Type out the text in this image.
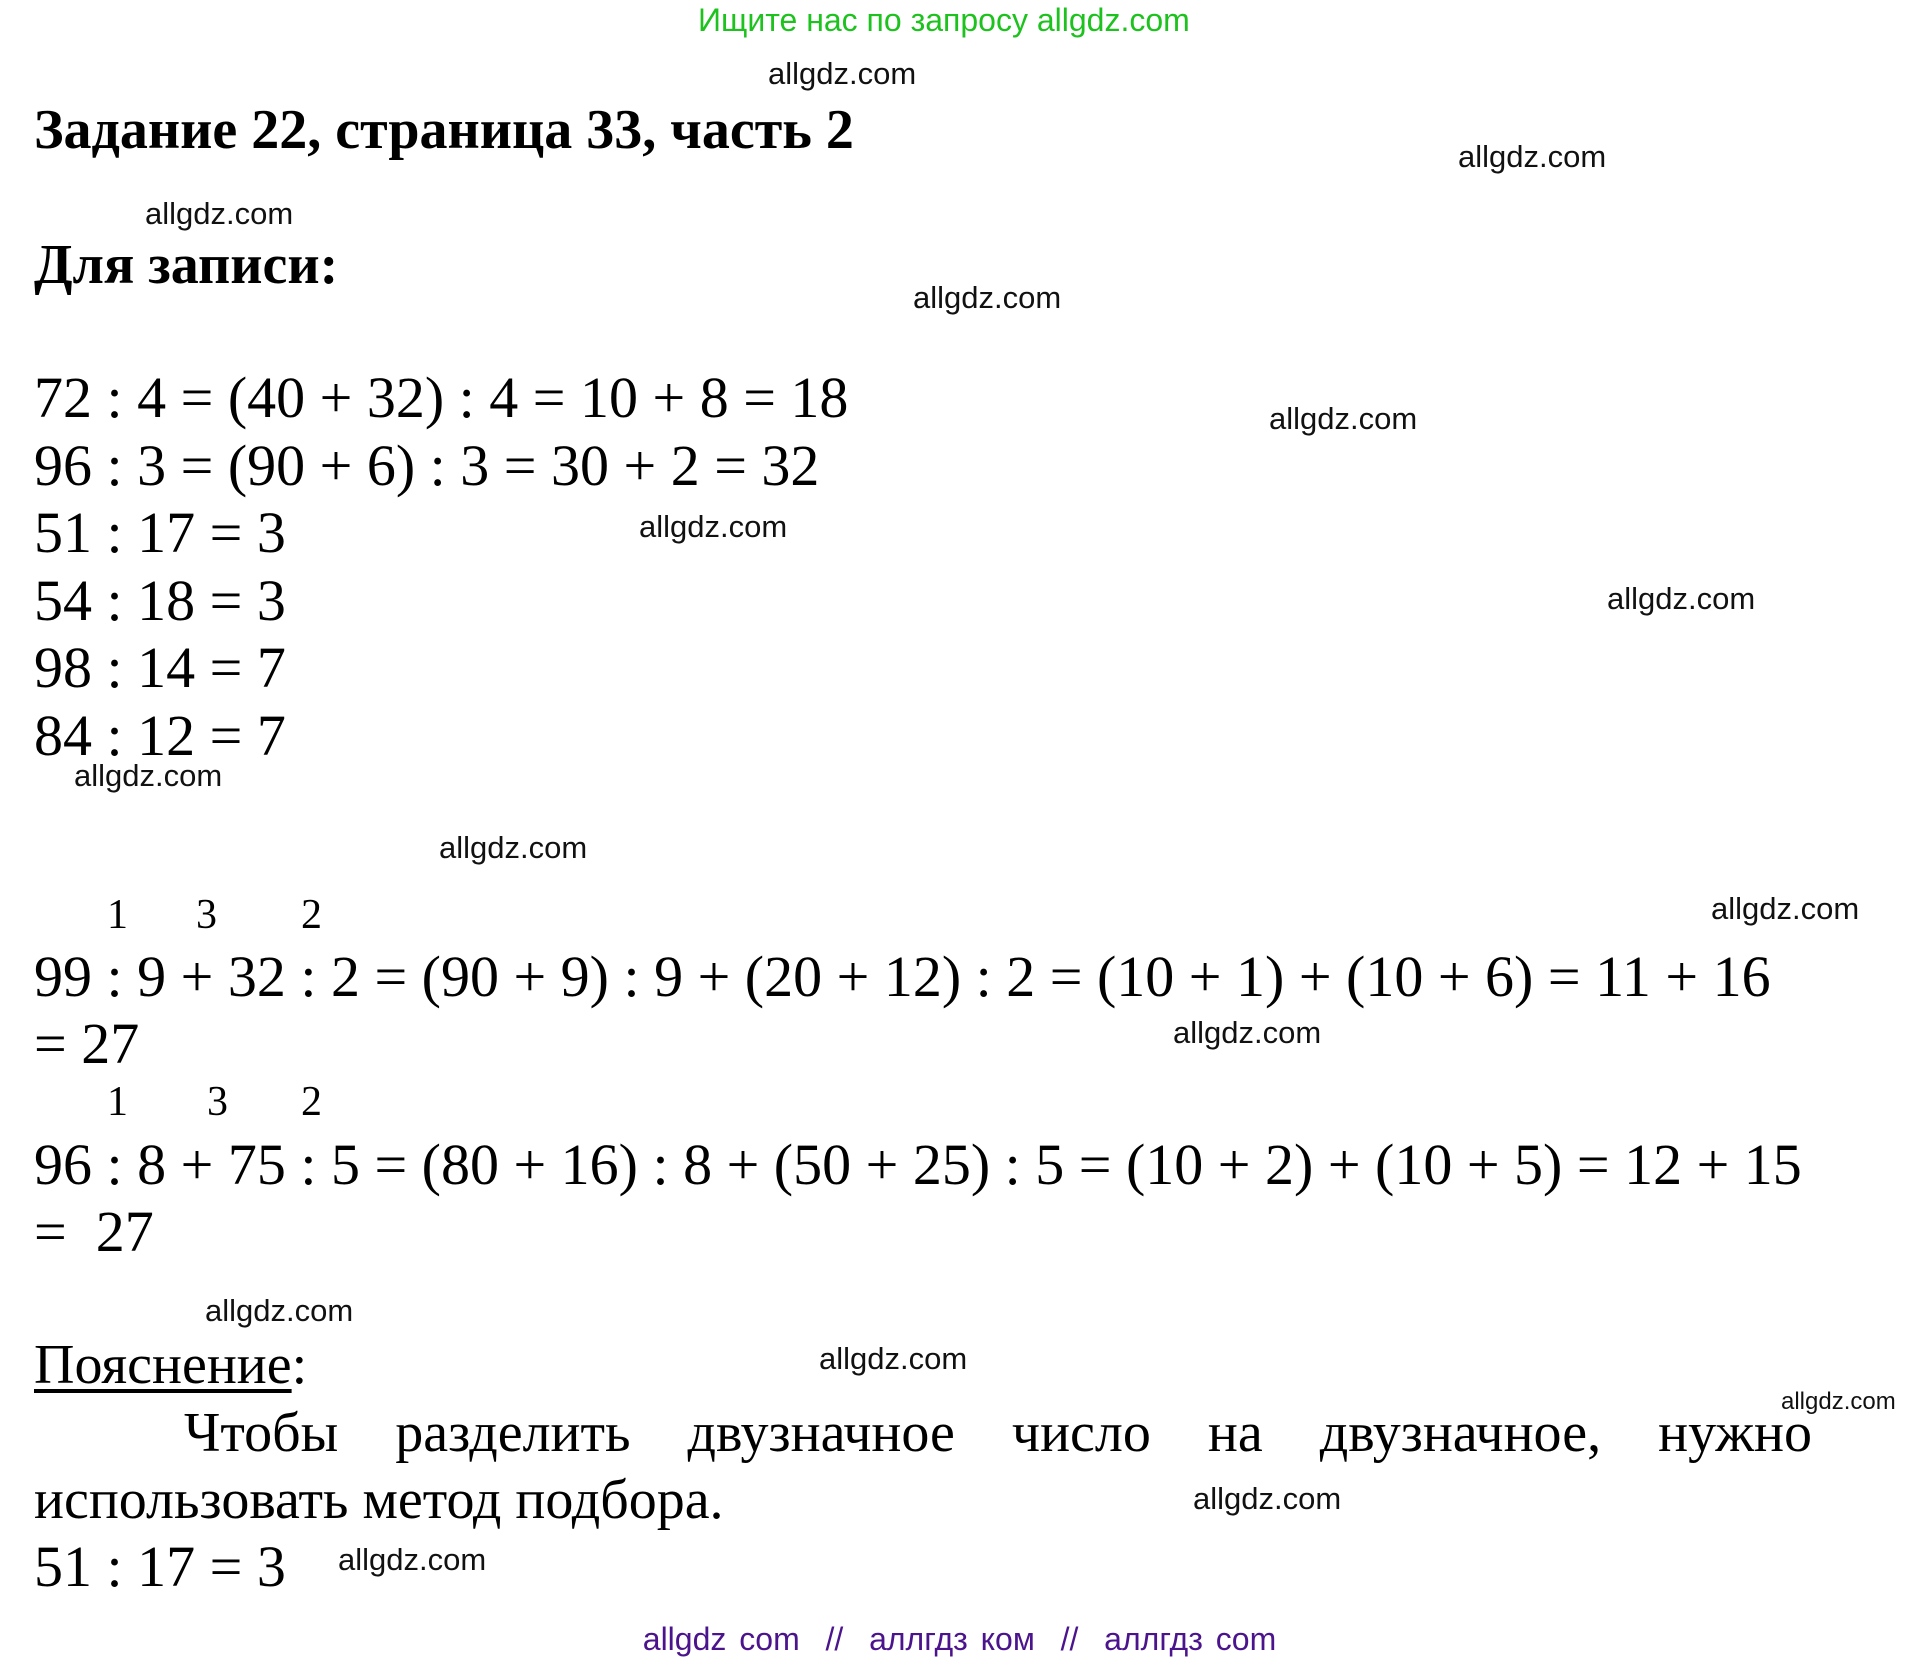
Ищите нас по запросу allgdz.com
Задание 22, страница 33, часть 2
Для записи:
72 : 4 = (40 + 32) : 4 = 10 + 8 = 18
96 : 3 = (90 + 6) : 3 = 30 + 2 = 32
51 : 17 = 3
54 : 18 = 3
98 : 14 = 7
84 : 12 = 7
1 3 2
99 : 9 + 32 : 2 = (90 + 9) : 9 + (20 + 12) : 2 = (10 + 1) + (10 + 6) = 11 + 16
= 27
1 3 2
96 : 8 + 75 : 5 = (80 + 16) : 8 + (50 + 25) : 5 = (10 + 2) + (10 + 5) = 12 + 15
=  27
Пояснение:
Чтобы разделить двузначное число на двузначное, нужно использовать метод подбора.
51 : 17 = 3
allgdz.com
allgdz.com
allgdz.com
allgdz.com
allgdz.com
allgdz.com
allgdz.com
allgdz.com
allgdz.com
allgdz.com
allgdz.com
allgdz.com
allgdz.com
allgdz.com
allgdz.com
allgdz.com
allgdz com  //  аллгдз ком  //  аллгдз com
